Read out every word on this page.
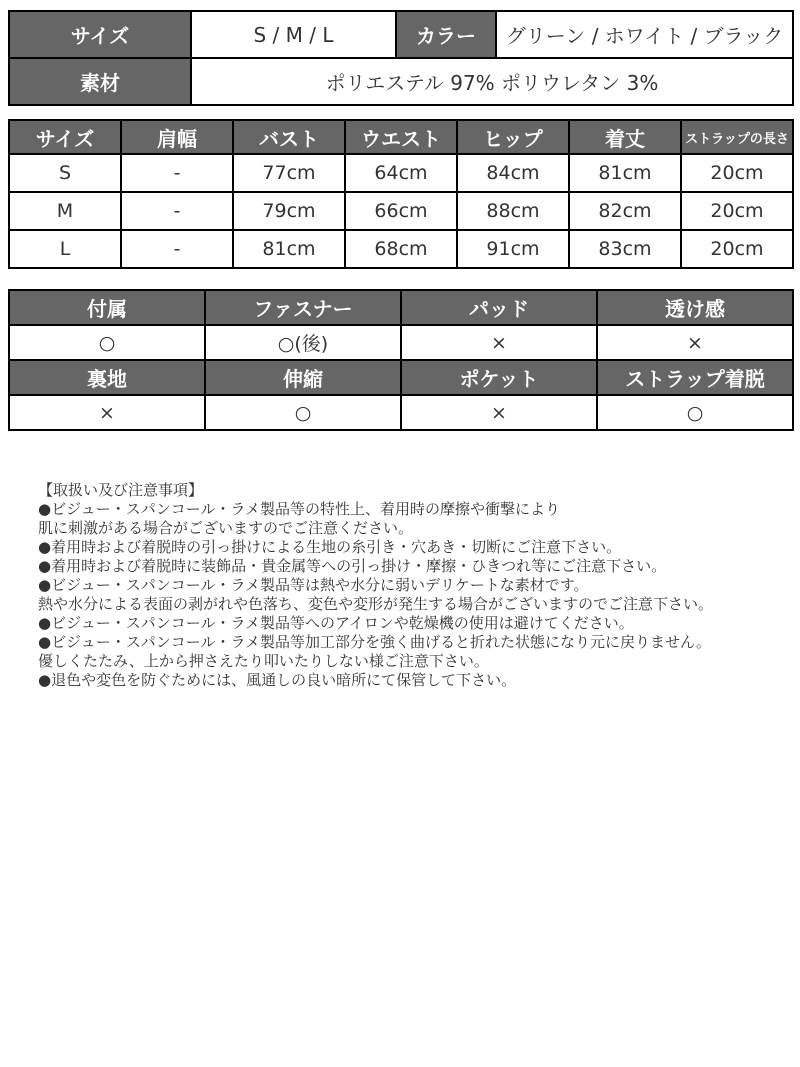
サイズ	S / M / L	カラー	グリーン / ホワイト / ブラック
素材	ポリエステル 97% ポリウレタン 3%		
サイズ	肩幅	バスト	ウエスト	ヒップ	着丈	ストラップの長さ
S	-	77cm	64cm	84cm	81cm	20cm
M	-	79cm	66cm	88cm	82cm	20cm
L	-	81cm	68cm	91cm	83cm	20cm
付属	ファスナー	パッド	透け感
○	○(後)	×	×
裏地	伸縮	ポケット	ストラップ着脱
×	○	×	○
【取扱い及び注意事項】
●ビジュー・スパンコール・ラメ製品等の特性上、着用時の摩擦や衝撃により
肌に刺激がある場合がございますのでご注意ください。
●着用時および着脱時の引っ掛けによる生地の糸引き・穴あき・切断にご注意下さい。
●着用時および着脱時に装飾品・貴金属等への引っ掛け・摩擦・ひきつれ等にご注意下さい。
●ビジュー・スパンコール・ラメ製品等は熱や水分に弱いデリケートな素材です。
熱や水分による表面の剥がれや色落ち、変色や変形が発生する場合がございますのでご注意下さい。
●ビジュー・スパンコール・ラメ製品等へのアイロンや乾燥機の使用は避けてください。
●ビジュー・スパンコール・ラメ製品等加工部分を強く曲げると折れた状態になり元に戻りません。
優しくたたみ、上から押さえたり叩いたりしない様ご注意下さい。
●退色や変色を防ぐためには、風通しの良い暗所にて保管して下さい。
